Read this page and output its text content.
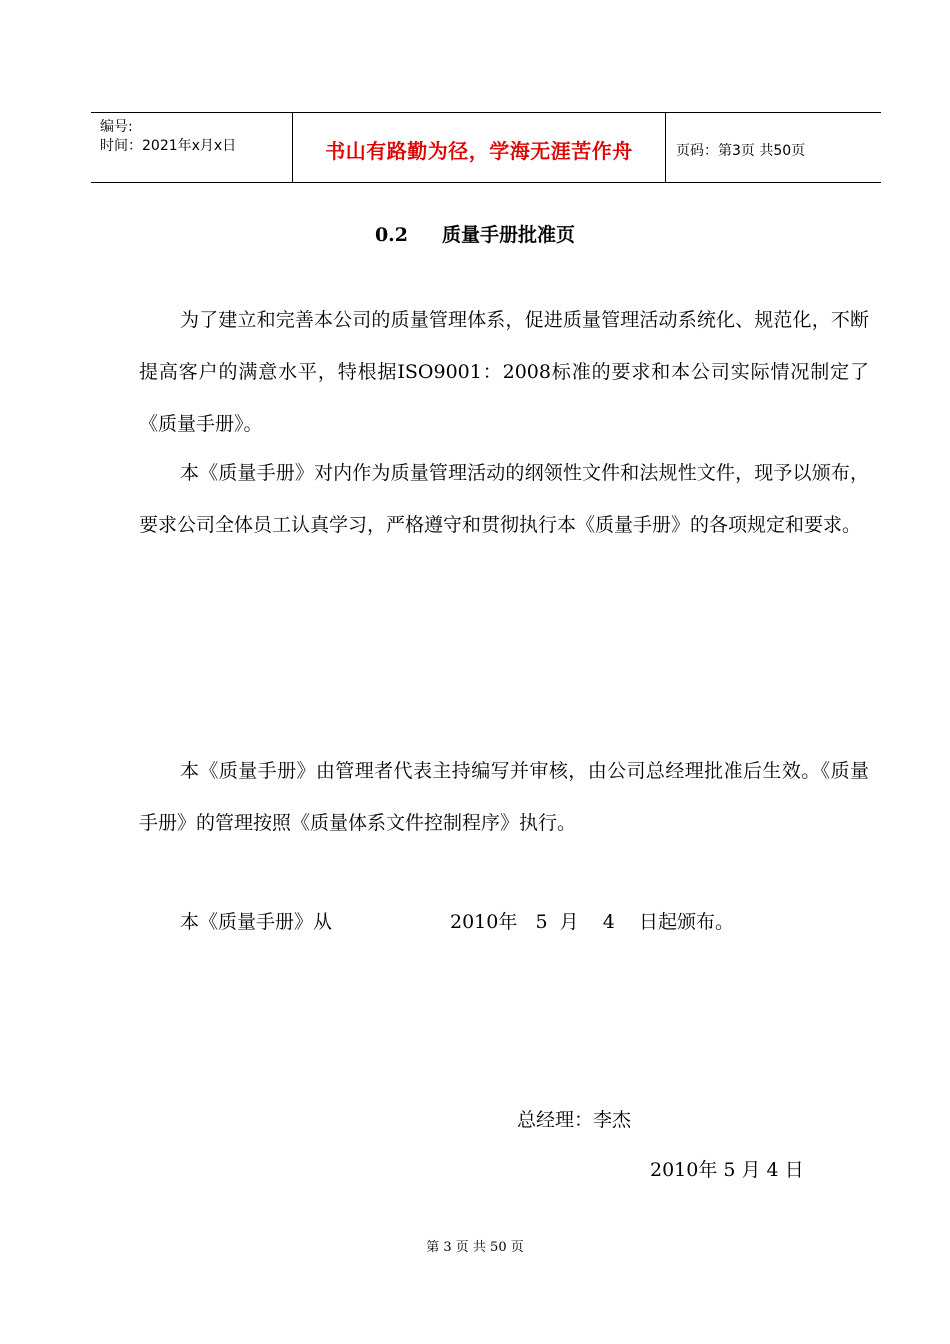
编号:
时间：2021年x月x日	书山有路勤为径，学海无涯苦作舟	页码：第3页 共50页
0.2 质量手册批准页
为了建立和完善本公司的质量管理体系，促进质量管理活动系统化、规范化，不断提高客户的满意水平，特根据ISO9001：2008标准的要求和本公司实际情况制定了《质量手册》。
本《质量手册》对内作为质量管理活动的纲领性文件和法规性文件，现予以颁布，要求公司全体员工认真学习，严格遵守和贯彻执行本《质量手册》的各项规定和要求。
本《质量手册》由管理者代表主持编写并审核，由公司总经理批准后生效。《质量手册》的管理按照《质量体系文件控制程序》执行。
本《质量手册》从	2010年   5  月    4    日起颁布。
总经理：李杰
2010年 5 月 4 日
第 3 页 共 50 页
